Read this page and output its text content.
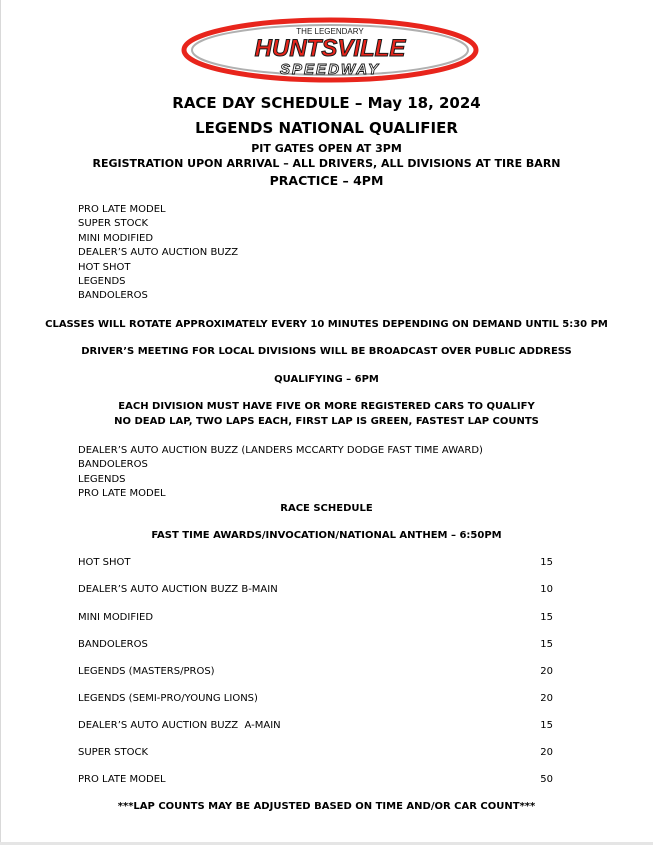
THE LEGENDARY
HUNTSVILLE
SPEEDWAY
RACE DAY SCHEDULE – May 18, 2024
LEGENDS NATIONAL QUALIFIER
PIT GATES OPEN AT 3PM
REGISTRATION UPON ARRIVAL – ALL DRIVERS, ALL DIVISIONS AT TIRE BARN
PRACTICE – 4PM
PRO LATE MODEL
SUPER STOCK
MINI MODIFIED
DEALER’S AUTO AUCTION BUZZ
HOT SHOT
LEGENDS
BANDOLEROS
CLASSES WILL ROTATE APPROXIMATELY EVERY 10 MINUTES DEPENDING ON DEMAND UNTIL 5:30 PM
DRIVER’S MEETING FOR LOCAL DIVISIONS WILL BE BROADCAST OVER PUBLIC ADDRESS
QUALIFYING – 6PM
EACH DIVISION MUST HAVE FIVE OR MORE REGISTERED CARS TO QUALIFY
NO DEAD LAP, TWO LAPS EACH, FIRST LAP IS GREEN, FASTEST LAP COUNTS
DEALER’S AUTO AUCTION BUZZ (LANDERS MCCARTY DODGE FAST TIME AWARD)
BANDOLEROS
LEGENDS
PRO LATE MODEL
RACE SCHEDULE
FAST TIME AWARDS/INVOCATION/NATIONAL ANTHEM – 6:50PM
HOT SHOT	15
DEALER’S AUTO AUCTION BUZZ B-MAIN	10
MINI MODIFIED	15
BANDOLEROS	15
LEGENDS (MASTERS/PROS)	20
LEGENDS (SEMI-PRO/YOUNG LIONS)	20
DEALER’S AUTO AUCTION BUZZ  A-MAIN	15
SUPER STOCK	20
PRO LATE MODEL	50
***LAP COUNTS MAY BE ADJUSTED BASED ON TIME AND/OR CAR COUNT***
